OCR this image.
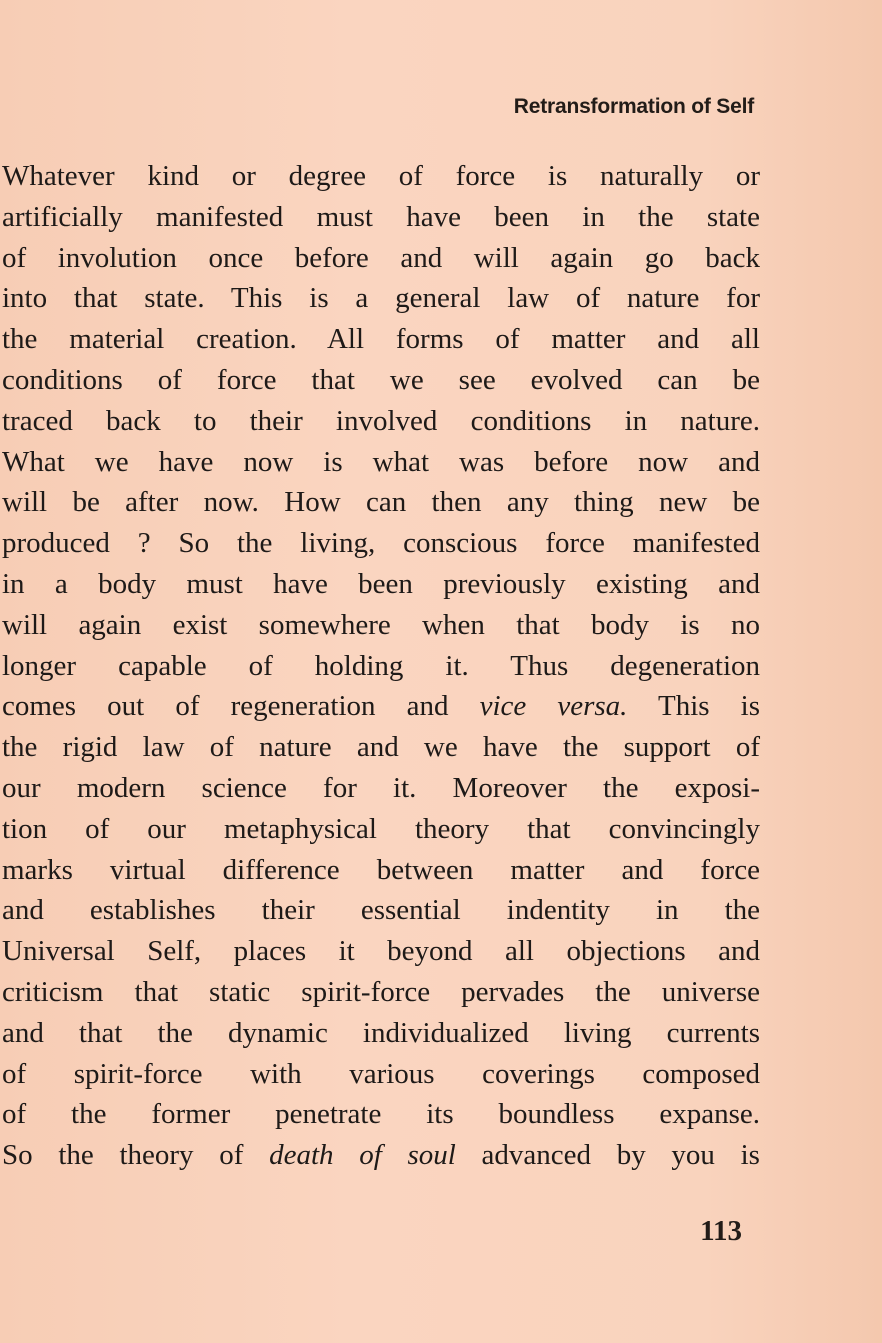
Retransformation of Self
Whatever kind or degree of force is naturally or
artificially manifested must have been in the state
of involution once before and will again go back
into that state. This is a general law of nature for
the material creation. All forms of matter and all
conditions of force that we see evolved can be
traced back to their involved conditions in nature.
What we have now is what was before now and
will be after now. How can then any thing new be
produced ? So the living, conscious force manifested
in a body must have been previously existing and
will again exist somewhere when that body is no
longer capable of holding it. Thus degeneration
comes out of regeneration and vice versa. This is
the rigid law of nature and we have the support of
our modern science for it. Moreover the exposi-
tion of our metaphysical theory that convincingly
marks virtual difference between matter and force
and establishes their essential indentity in the
Universal Self, places it beyond all objections and
criticism that static spirit-force pervades the universe
and that the dynamic individualized living currents
of spirit-force with various coverings composed
of the former penetrate its boundless expanse.
So the theory of death of soul advanced by you is
113
